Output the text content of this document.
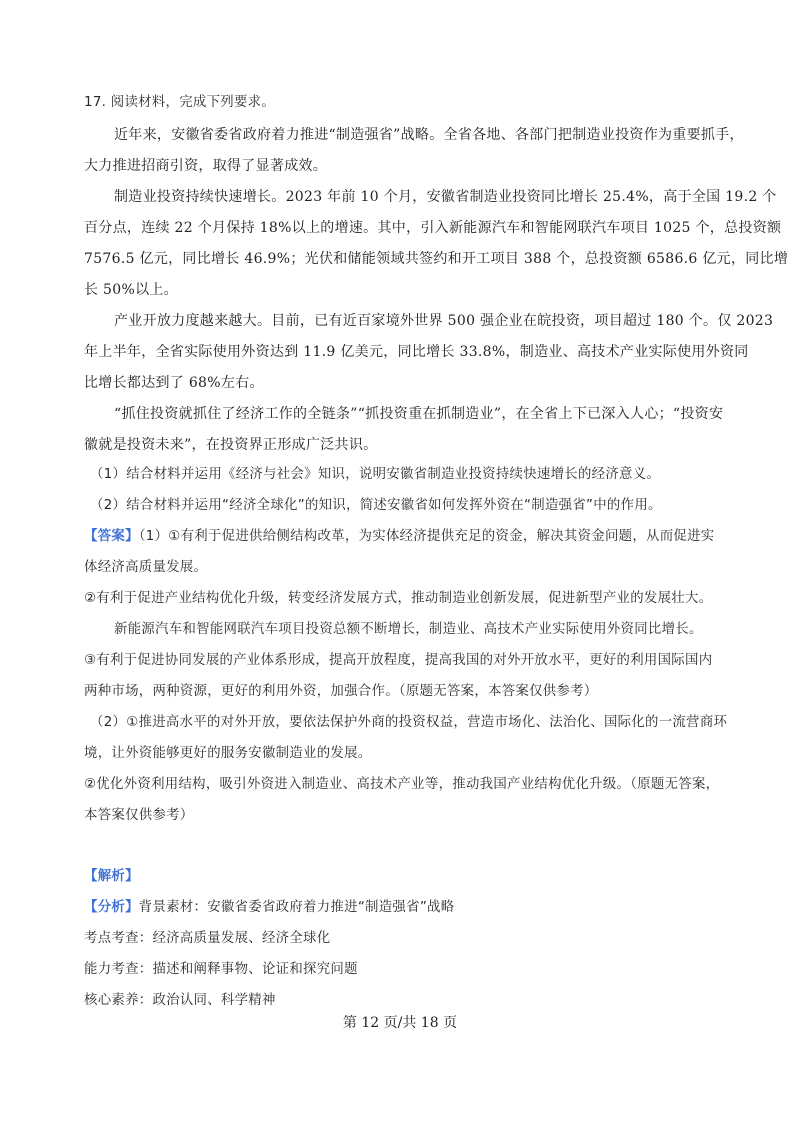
17. 阅读材料，完成下列要求。
近年来，安徽省委省政府着力推进“制造强省”战略。全省各地、各部门把制造业投资作为重要抓手，
大力推进招商引资，取得了显著成效。
制造业投资持续快速增长。2023 年前 10 个月，安徽省制造业投资同比增长 25.4%，高于全国 19.2 个
百分点，连续 22 个月保持 18%以上的增速。其中，引入新能源汽车和智能网联汽车项目 1025 个，总投资额
7576.5 亿元，同比增长 46.9%；光伏和储能领域共签约和开工项目 388 个，总投资额 6586.6 亿元，同比增
长 50%以上。
产业开放力度越来越大。目前，已有近百家境外世界 500 强企业在皖投资，项目超过 180 个。仅 2023
年上半年，全省实际使用外资达到 11.9 亿美元，同比增长 33.8%，制造业、高技术产业实际使用外资同
比增长都达到了 68%左右。
“抓住投资就抓住了经济工作的全链条”“抓投资重在抓制造业”，在全省上下已深入人心；“投资安
徽就是投资未来”，在投资界正形成广泛共识。
（1）结合材料并运用《经济与社会》知识，说明安徽省制造业投资持续快速增长的经济意义。
（2）结合材料并运用“经济全球化”的知识，简述安徽省如何发挥外资在“制造强省”中的作用。
【答案】（1）①有利于促进供给侧结构改革，为实体经济提供充足的资金，解决其资金问题，从而促进实
体经济高质量发展。
②有利于促进产业结构优化升级，转变经济发展方式，推动制造业创新发展，促进新型产业的发展壮大。
新能源汽车和智能网联汽车项目投资总额不断增长，制造业、高技术产业实际使用外资同比增长。
③有利于促进协同发展的产业体系形成，提高开放程度，提高我国的对外开放水平，更好的利用国际国内
两种市场，两种资源，更好的利用外资，加强合作。（原题无答案，本答案仅供参考）
（2）①推进高水平的对外开放，要依法保护外商的投资权益，营造市场化、法治化、国际化的一流营商环
境，让外资能够更好的服务安徽制造业的发展。
②优化外资利用结构，吸引外资进入制造业、高技术产业等，推动我国产业结构优化升级。（原题无答案，
本答案仅供参考）
【解析】
【分析】背景素材：安徽省委省政府着力推进“制造强省”战略
考点考查：经济高质量发展、经济全球化
能力考查：描述和阐释事物、论证和探究问题
核心素养：政治认同、科学精神
第 12 页/共 18 页
